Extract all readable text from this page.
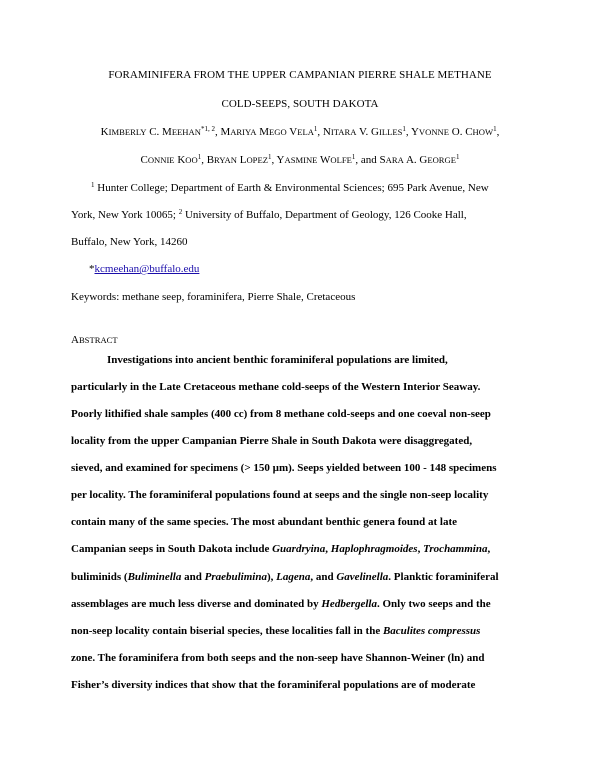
FORAMINIFERA FROM THE UPPER CAMPANIAN PIERRE SHALE METHANE
COLD-SEEPS, SOUTH DAKOTA
KIMBERLY C. MEEHAN$^{*1, 2}$, MARIYA MEGO VELA$^1$, NITARA V. GILLES$^1$, YVONNE O. CHOW$^1$,
CONNIE KOO$^1$, BRYAN LOPEZ$^1$, YASMINE WOLFE$^1$, and SARA A. GEORGE$^1$
$^1$ Hunter College; Department of Earth & Environmental Sciences; 695 Park Avenue, New
York, New York 10065; $^2$ University of Buffalo, Department of Geology, 126 Cooke Hall,
Buffalo, New York, 14260
*kcmeehan@buffalo.edu
Keywords: methane seep, foraminifera, Pierre Shale, Cretaceous
ABSTRACT
Investigations into ancient benthic foraminiferal populations are limited,
particularly in the Late Cretaceous methane cold-seeps of the Western Interior Seaway.
Poorly lithified shale samples (400 cc) from 8 methane cold-seeps and one coeval non-seep
locality from the upper Campanian Pierre Shale in South Dakota were disaggregated,
sieved, and examined for specimens (> 150 µm). Seeps yielded between 100 - 148 specimens
per locality. The foraminiferal populations found at seeps and the single non-seep locality
contain many of the same species. The most abundant benthic genera found at late
Campanian seeps in South Dakota include Guardryina, Haplophragmoides, Trochammina,
buliminids (Buliminella and Praebulimina), Lagena, and Gavelinella. Planktic foraminiferal
assemblages are much less diverse and dominated by Hedbergella. Only two seeps and the
non-seep locality contain biserial species, these localities fall in the Baculites compressus
zone. The foraminifera from both seeps and the non-seep have Shannon-Weiner (ln) and
Fisher’s diversity indices that show that the foraminiferal populations are of moderate
